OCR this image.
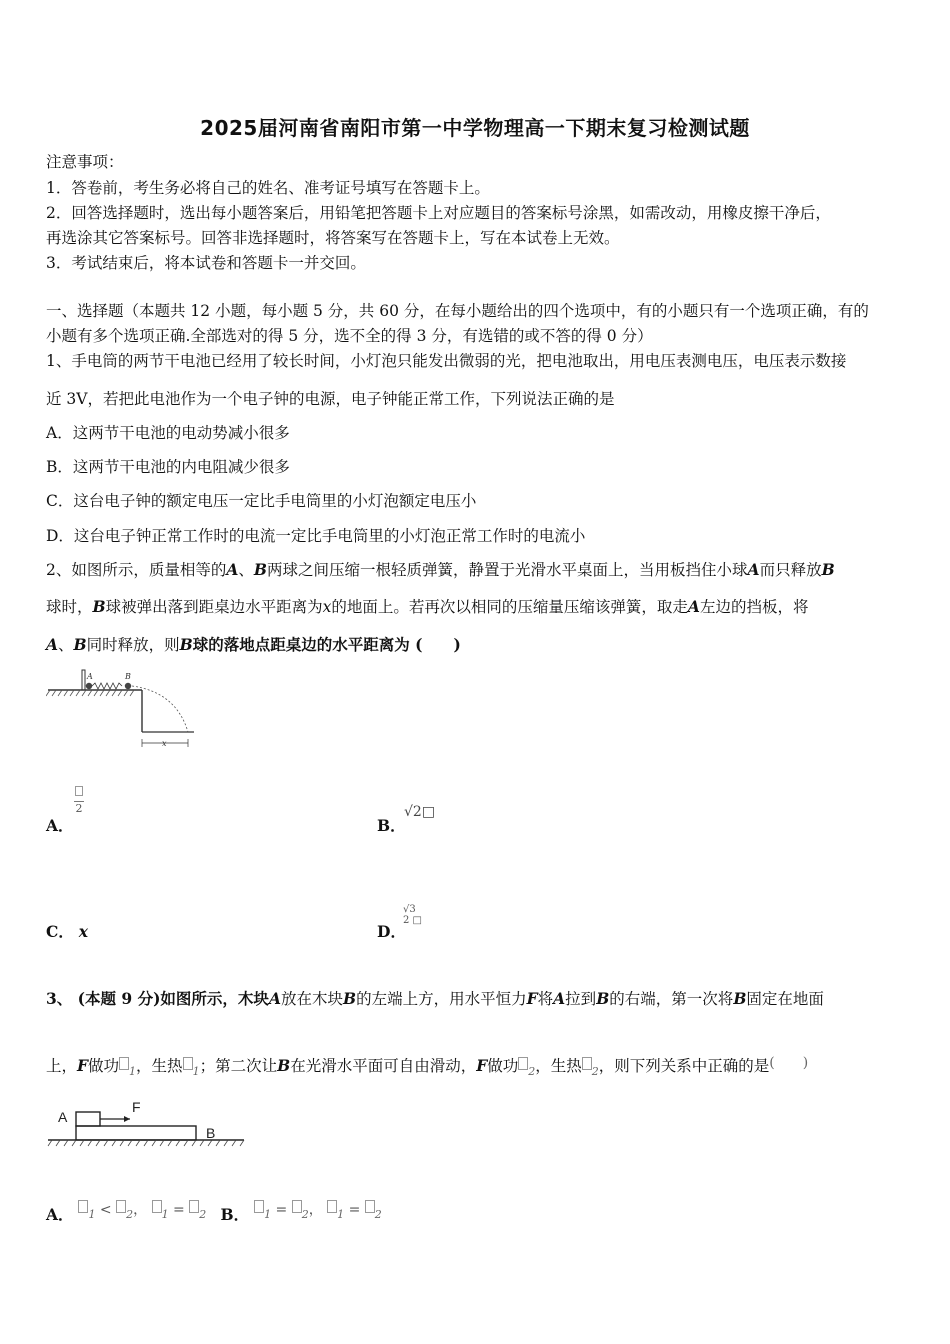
2025届河南省南阳市第一中学物理高一下期末复习检测试题
注意事项：
1．答卷前，考生务必将自己的姓名、准考证号填写在答题卡上。
2．回答选择题时，选出每小题答案后，用铅笔把答题卡上对应题目的答案标号涂黑，如需改动，用橡皮擦干净后，
再选涂其它答案标号。回答非选择题时，将答案写在答题卡上，写在本试卷上无效。
3．考试结束后，将本试卷和答题卡一并交回。
一、选择题（本题共 12 小题，每小题 5 分，共 60 分，在每小题给出的四个选项中，有的小题只有一个选项正确，有的
小题有多个选项正确.全部选对的得 5 分，选不全的得 3 分，有选错的或不答的得 0 分）
1、手电筒的两节干电池已经用了较长时间，小灯泡只能发出微弱的光，把电池取出，用电压表测电压，电压表示数接
近 3V，若把此电池作为一个电子钟的电源，电子钟能正常工作，下列说法正确的是
A．这两节干电池的电动势减小很多
B．这两节干电池的内电阻减少很多
C．这台电子钟的额定电压一定比手电筒里的小灯泡额定电压小
D．这台电子钟正常工作时的电流一定比手电筒里的小灯泡正常工作时的电流小
2、如图所示，质量相等的A、B两球之间压缩一根轻质弹簧，静置于光滑水平桌面上，当用板挡住小球A而只释放B
球时，B球被弹出落到距桌边水平距离为x的地面上。若再次以相同的压缩量压缩该弹簧，取走A左边的挡板，将
A、B同时释放，则B球的落地点距桌边的水平距离为 (　　)
A	B
x
A．
2
B．
√2□
C． x	D．
√3
2 □
3、 (本题 9 分)如图所示，木块A放在木块B的左端上方，用水平恒力F将A拉到B的右端，第一次将B固定在地面
上，F做功 $_1$，生热 $_1$；第二次让B在光滑水平面可自由滑动，F做功 $_2$，生热 $_2$，则下列关系中正确的是(　　)
A
F
B
A． $_1$ < $_2$， $_1$ = $_2$ B． $_1$ = $_2$， $_1$ = $_2$
